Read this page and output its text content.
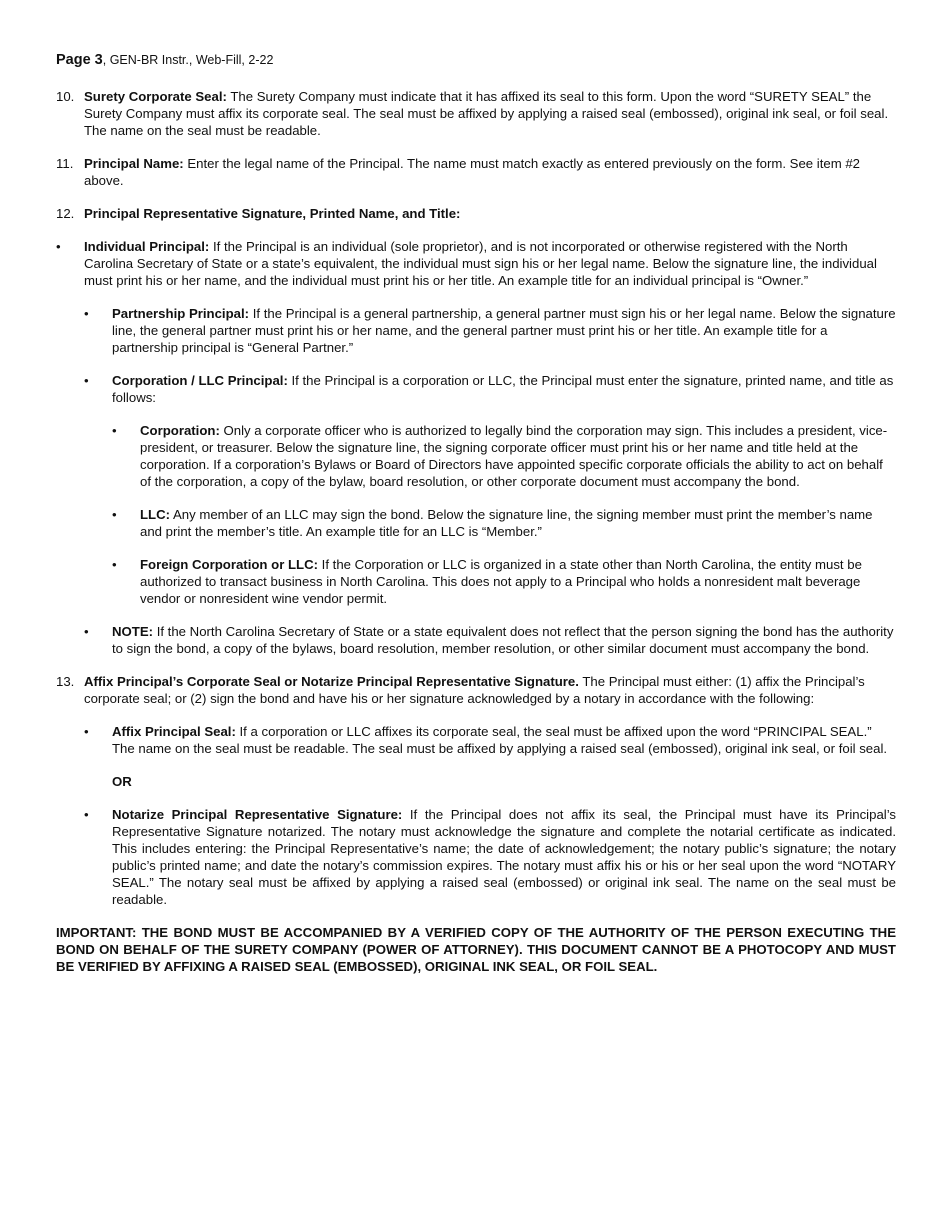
Page 3, GEN-BR Instr., Web-Fill, 2-22
10. Surety Corporate Seal: The Surety Company must indicate that it has affixed its seal to this form. Upon the word “SURETY SEAL” the Surety Company must affix its corporate seal. The seal must be affixed by applying a raised seal (embossed), original ink seal, or foil seal. The name on the seal must be readable.
11. Principal Name: Enter the legal name of the Principal. The name must match exactly as entered previously on the form. See item #2 above.
12. Principal Representative Signature, Printed Name, and Title:
• Individual Principal: If the Principal is an individual (sole proprietor), and is not incorporated or otherwise registered with the North Carolina Secretary of State or a state’s equivalent, the individual must sign his or her legal name. Below the signature line, the individual must print his or her name, and the individual must print his or her title. An example title for an individual principal is “Owner.”
• Partnership Principal: If the Principal is a general partnership, a general partner must sign his or her legal name. Below the signature line, the general partner must print his or her name, and the general partner must print his or her title. An example title for a partnership principal is “General Partner.”
• Corporation / LLC Principal: If the Principal is a corporation or LLC, the Principal must enter the signature, printed name, and title as follows:
• Corporation: Only a corporate officer who is authorized to legally bind the corporation may sign. This includes a president, vice-president, or treasurer. Below the signature line, the signing corporate officer must print his or her name and title held at the corporation. If a corporation’s Bylaws or Board of Directors have appointed specific corporate officials the ability to act on behalf of the corporation, a copy of the bylaw, board resolution, or other corporate document must accompany the bond.
• LLC: Any member of an LLC may sign the bond. Below the signature line, the signing member must print the member’s name and print the member’s title. An example title for an LLC is “Member.”
• Foreign Corporation or LLC: If the Corporation or LLC is organized in a state other than North Carolina, the entity must be authorized to transact business in North Carolina. This does not apply to a Principal who holds a nonresident malt beverage vendor or nonresident wine vendor permit.
• NOTE: If the North Carolina Secretary of State or a state equivalent does not reflect that the person signing the bond has the authority to sign the bond, a copy of the bylaws, board resolution, member resolution, or other similar document must accompany the bond.
13. Affix Principal’s Corporate Seal or Notarize Principal Representative Signature. The Principal must either: (1) affix the Principal’s corporate seal; or (2) sign the bond and have his or her signature acknowledged by a notary in accordance with the following:
• Affix Principal Seal: If a corporation or LLC affixes its corporate seal, the seal must be affixed upon the word “PRINCIPAL SEAL.” The name on the seal must be readable. The seal must be affixed by applying a raised seal (embossed), original ink seal, or foil seal.
OR
• Notarize Principal Representative Signature: If the Principal does not affix its seal, the Principal must have its Principal’s Representative Signature notarized. The notary must acknowledge the signature and complete the notarial certificate as indicated. This includes entering: the Principal Representative’s name; the date of acknowledgement; the notary public’s signature; the notary public’s printed name; and date the notary’s commission expires. The notary must affix his or his or her seal upon the word “NOTARY SEAL.” The notary seal must be affixed by applying a raised seal (embossed) or original ink seal. The name on the seal must be readable.
IMPORTANT: THE BOND MUST BE ACCOMPANIED BY A VERIFIED COPY OF THE AUTHORITY OF THE PERSON EXECUTING THE BOND ON BEHALF OF THE SURETY COMPANY (POWER OF ATTORNEY). THIS DOCUMENT CANNOT BE A PHOTOCOPY AND MUST BE VERIFIED BY AFFIXING A RAISED SEAL (EMBOSSED), ORIGINAL INK SEAL, OR FOIL SEAL.
